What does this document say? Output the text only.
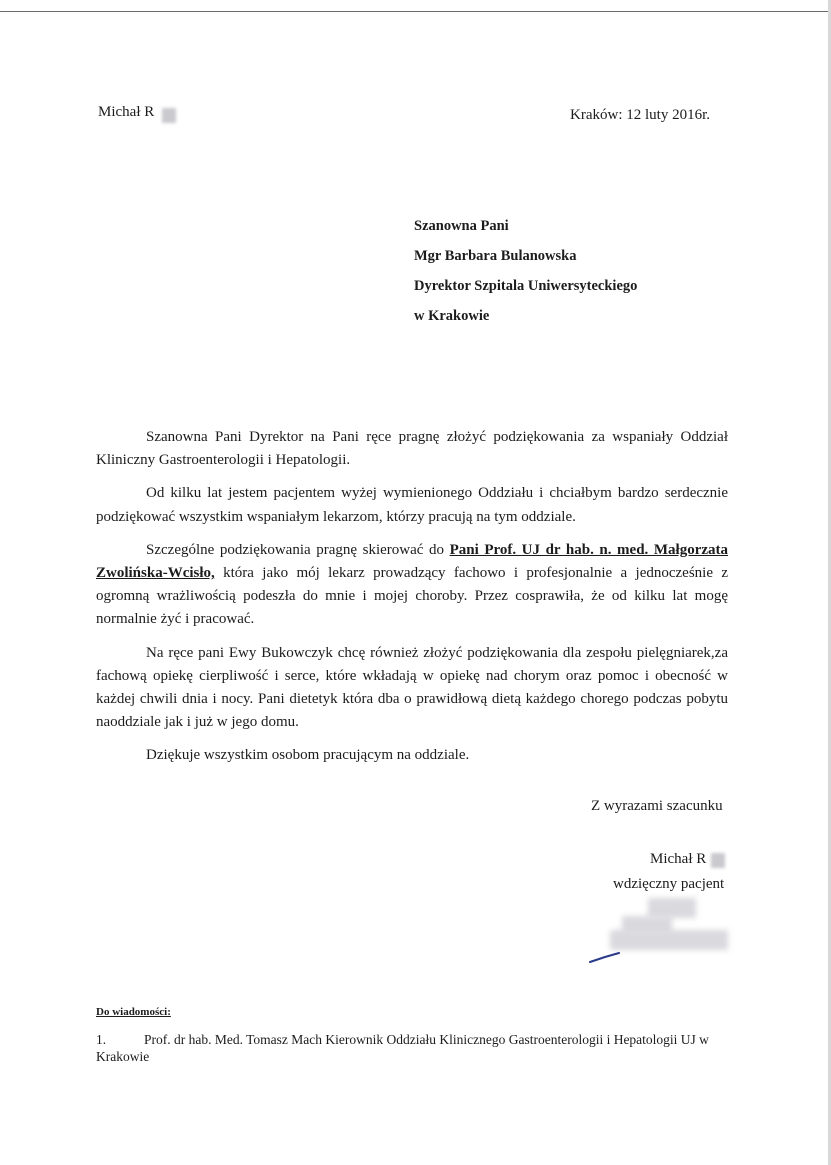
Michał R	Kraków: 12 luty 2016r.
Szanowna Pani
Mgr Barbara Bulanowska
Dyrektor Szpitala Uniwersyteckiego
w Krakowie

Szanowna Pani Dyrektor na Pani ręce pragnę złożyć podziękowania za wspaniały Oddział Kliniczny Gastroenterologii i Hepatologii.

Od kilku lat jestem pacjentem wyżej wymienionego Oddziału i chciałbym bardzo serdecznie podziękować wszystkim wspaniałym lekarzom, którzy pracują na tym oddziale.

Szczególne podziękowania pragnę skierować do Pani Prof. UJ dr hab. n. med. Małgorzata Zwolińska-Wcisło, która jako mój lekarz prowadzący fachowo i profesjonalnie a jednocześnie z ogromną wrażliwością podeszła do mnie i mojej choroby. Przez cosprawiła, że od kilku lat mogę normalnie żyć i pracować.

Na ręce pani Ewy Bukowczyk chcę również złożyć podziękowania dla zespołu pielęgniarek,za fachową opiekę cierpliwość i serce, które wkładają w opiekę nad chorym oraz pomoc i obecność w każdej chwili dnia i nocy. Pani dietetyk która dba o prawidłową dietą każdego chorego podczas pobytu naoddziale jak i już w jego domu.

Dziękuje wszystkim osobom pracującym na oddziale.

Z wyrazami szacunku
Michał R
wdzięczny pacjent
Do wiadomości:
1.	Prof. dr hab. Med. Tomasz Mach Kierownik Oddziału Klinicznego Gastroenterologii i Hepatologii UJ w Krakowie
